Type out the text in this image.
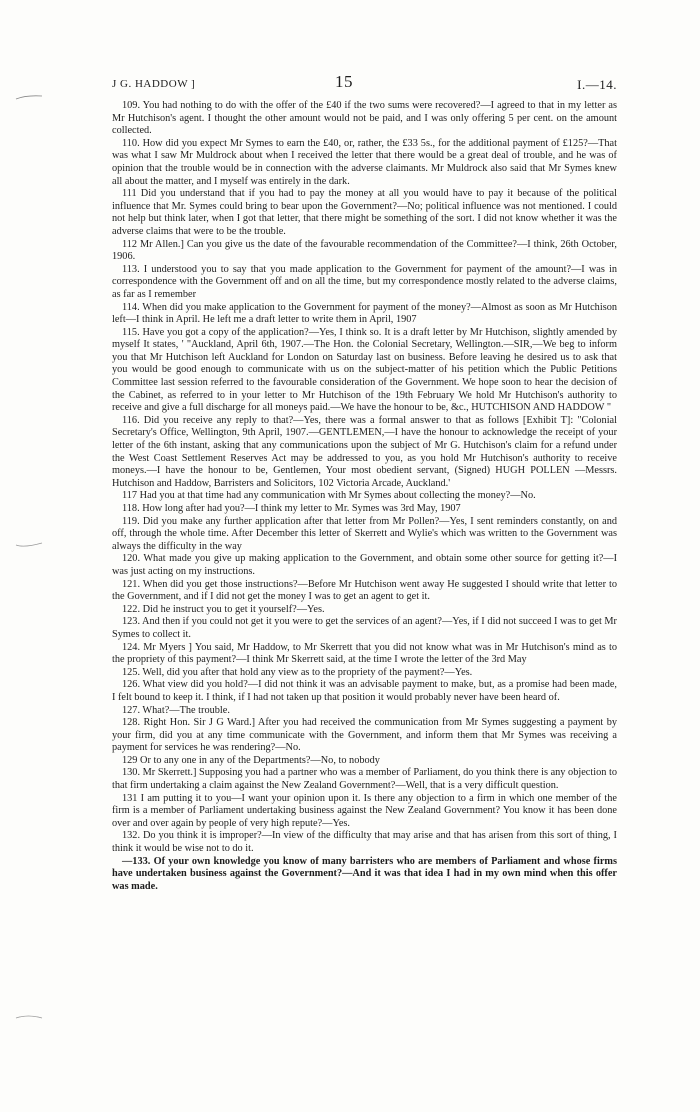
J G. HADDOW ]	15	I.—14.

109. You had nothing to do with the offer of the £40 if the two sums were recovered?—I agreed to that in my letter as Mr Hutchison's agent. I thought the other amount would not be paid, and I was only offering 5 per cent. on the amount collected.

110. How did you expect Mr Symes to earn the £40, or, rather, the £33 5s., for the additional payment of £125?—That was what I saw Mr Muldrock about when I received the letter that there would be a great deal of trouble, and he was of opinion that the trouble would be in connection with the adverse claimants. Mr Muldrock also said that Mr Symes knew all about the matter, and I myself was entirely in the dark.

111 Did you understand that if you had to pay the money at all you would have to pay it because of the political influence that Mr. Symes could bring to bear upon the Government?—No; political influence was not mentioned. I could not help but think later, when I got that letter, that there might be something of the sort. I did not know whether it was the adverse claims that were to be the trouble.

112 Mr Allen.] Can you give us the date of the favourable recommendation of the Committee?—I think, 26th October, 1906.

113. I understood you to say that you made application to the Government for payment of the amount?—I was in correspondence with the Government off and on all the time, but my correspondence mostly related to the adverse claims, as far as I remember

114. When did you make application to the Government for payment of the money?—Almost as soon as Mr Hutchison left—I think in April. He left me a draft letter to write them in April, 1907

115. Have you got a copy of the application?—Yes, I think so. It is a draft letter by Mr Hutchison, slightly amended by myself It states, ' "Auckland, April 6th, 1907.—The Hon. the Colonial Secretary, Wellington.—SIR,—We beg to inform you that Mr Hutchison left Auckland for London on Saturday last on business. Before leaving he desired us to ask that you would be good enough to communicate with us on the subject-matter of his petition which the Public Petitions Committee last session referred to the favourable consideration of the Government. We hope soon to hear the decision of the Cabinet, as referred to in your letter to Mr Hutchison of the 19th February We hold Mr Hutchison's authority to receive and give a full discharge for all moneys paid.—We have the honour to be, &c., HUTCHISON AND HADDOW "

116. Did you receive any reply to that?—Yes, there was a formal answer to that as follows [Exhibit T]: "Colonial Secretary's Office, Wellington, 9th April, 1907.—GENTLEMEN,—I have the honour to acknowledge the receipt of your letter of the 6th instant, asking that any communications upon the subject of Mr G. Hutchison's claim for a refund under the West Coast Settlement Reserves Act may be addressed to you, as you hold Mr Hutchison's authority to receive moneys.—I have the honour to be, Gentlemen, Your most obedient servant, (Signed) HUGH POLLEN —Messrs. Hutchison and Haddow, Barristers and Solicitors, 102 Victoria Arcade, Auckland.'

117 Had you at that time had any communication with Mr Symes about collecting the money?—No.

118. How long after had you?—I think my letter to Mr. Symes was 3rd May, 1907

119. Did you make any further application after that letter from Mr Pollen?—Yes, I sent reminders constantly, on and off, through the whole time. After December this letter of Skerrett and Wylie's which was written to the Government was always the difficulty in the way

120. What made you give up making application to the Government, and obtain some other source for getting it?—I was just acting on my instructions.

121. When did you get those instructions?—Before Mr Hutchison went away He suggested I should write that letter to the Government, and if I did not get the money I was to get an agent to get it.

122. Did he instruct you to get it yourself?—Yes.

123. And then if you could not get it you were to get the services of an agent?—Yes, if I did not succeed I was to get Mr Symes to collect it.

124. Mr Myers ] You said, Mr Haddow, to Mr Skerrett that you did not know what was in Mr Hutchison's mind as to the propriety of this payment?—I think Mr Skerrett said, at the time I wrote the letter of the 3rd May

125. Well, did you after that hold any view as to the propriety of the payment?—Yes.

126. What view did you hold?—I did not think it was an advisable payment to make, but, as a promise had been made, I felt bound to keep it. I think, if I had not taken up that position it would probably never have been heard of.

127. What?—The trouble.

128. Right Hon. Sir J G Ward.] After you had received the communication from Mr Symes suggesting a payment by your firm, did you at any time communicate with the Government, and inform them that Mr Symes was receiving a payment for services he was rendering?—No.

129 Or to any one in any of the Departments?—No, to nobody

130. Mr Skerrett.] Supposing you had a partner who was a member of Parliament, do you think there is any objection to that firm undertaking a claim against the New Zealand Government?—Well, that is a very difficult question.

131 I am putting it to you—I want your opinion upon it. Is there any objection to a firm in which one member of the firm is a member of Parliament undertaking business against the New Zealand Government? You know it has been done over and over again by people of very high repute?—Yes.

132. Do you think it is improper?—In view of the difficulty that may arise and that has arisen from this sort of thing, I think it would be wise not to do it.

—133. Of your own knowledge you know of many barristers who are members of Parliament and whose firms have undertaken business against the Government?—And it was that idea I had in my own mind when this offer was made.
